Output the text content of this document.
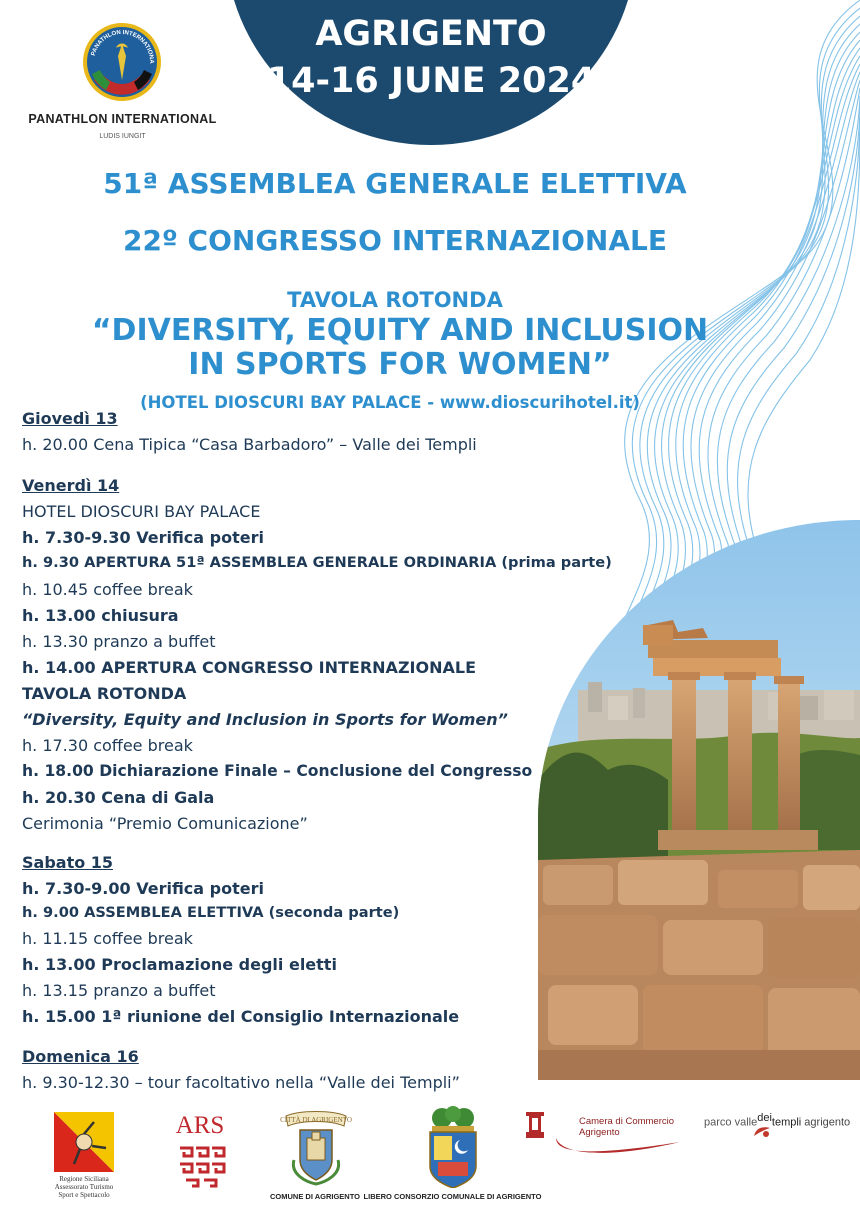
AGRIGENTO
14-16 JUNE 2024
PANATHLON INTERNATIONA
PANATHLON INTERNATIONAL
LUDIS IUNGIT
51ª ASSEMBLEA GENERALE ELETTIVA
22º CONGRESSO INTERNAZIONALE
TAVOLA ROTONDA
“DIVERSITY, EQUITY AND INCLUSION
IN SPORTS FOR WOMEN”
(HOTEL DIOSCURI BAY PALACE - www.dioscurihotel.it)
Giovedì 13
h. 20.00 Cena Tipica “Casa Barbadoro” – Valle dei Templi
Venerdì 14
HOTEL DIOSCURI BAY PALACE
h. 7.30-9.30 Verifica poteri
h. 9.30 APERTURA 51ª ASSEMBLEA GENERALE ORDINARIA (prima parte)
h. 10.45 coffee break
h. 13.00 chiusura
h. 13.30 pranzo a buffet
h. 14.00 APERTURA CONGRESSO INTERNAZIONALE
TAVOLA ROTONDA
“Diversity, Equity and Inclusion in Sports for Women”
h. 17.30 coffee break
h. 18.00 Dichiarazione Finale – Conclusione del Congresso
h. 20.30 Cena di Gala
Cerimonia “Premio Comunicazione”
Sabato 15
h. 7.30-9.00 Verifica poteri
h. 9.00 ASSEMBLEA ELETTIVA (seconda parte)
h. 11.15 coffee break
h. 13.00 Proclamazione degli eletti
h. 13.15 pranzo a buffet
h. 15.00 1ª riunione del Consiglio Internazionale
Domenica 16
h. 9.30-12.30 – tour facoltativo nella “Valle dei Templi”
Regione Siciliana
Assessorato Turismo
Sport e Spettacolo
ARS	CITTÀ DI AGRIGENTO
COMUNE DI AGRIGENTO LIBERO CONSORZIO COMUNALE DI AGRIGENTO
Camera di Commercio
Agrigento
parco valle$^{dei}$templi agrigento
